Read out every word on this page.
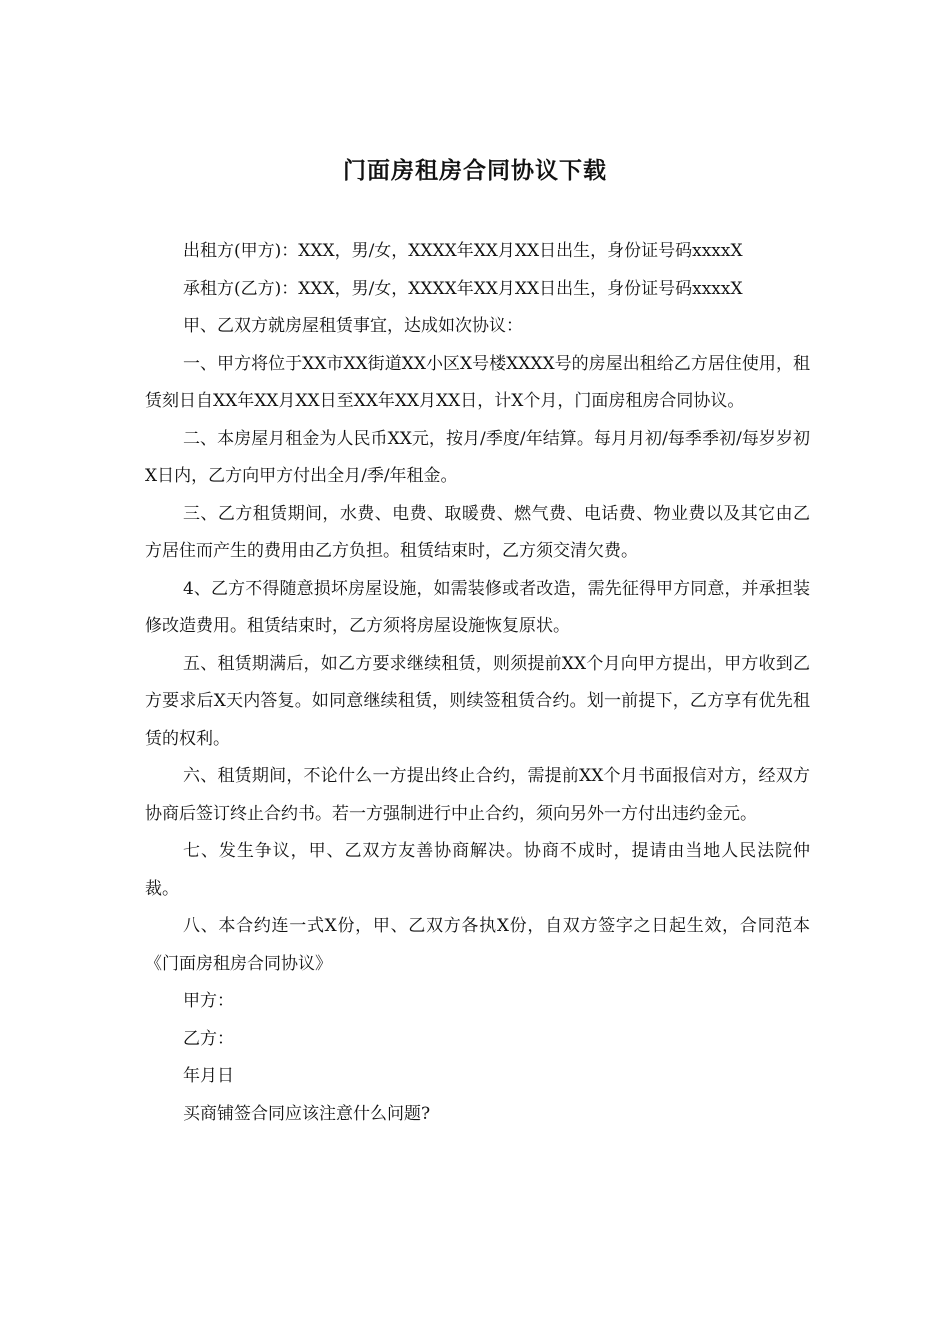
门面房租房合同协议下载

出租方(甲方)：XXX，男/女，XXXX年XX月XX日出生，身份证号码xxxxX

承租方(乙方)：XXX，男/女，XXXX年XX月XX日出生，身份证号码xxxxX

甲、乙双方就房屋租赁事宜，达成如次协议：

一、甲方将位于XX市XX街道XX小区X号楼XXXX号的房屋出租给乙方居住使用，租赁刻日自XX年XX月XX日至XX年XX月XX日，计X个月，门面房租房合同协议。

二、本房屋月租金为人民币XX元，按月/季度/年结算。每月月初/每季季初/每岁岁初X日内，乙方向甲方付出全月/季/年租金。

三、乙方租赁期间，水费、电费、取暖费、燃气费、电话费、物业费以及其它由乙方居住而产生的费用由乙方负担。租赁结束时，乙方须交清欠费。

4、乙方不得随意损坏房屋设施，如需装修或者改造，需先征得甲方同意，并承担装修改造费用。租赁结束时，乙方须将房屋设施恢复原状。

五、租赁期满后，如乙方要求继续租赁，则须提前XX个月向甲方提出，甲方收到乙方要求后X天内答复。如同意继续租赁，则续签租赁合约。划一前提下，乙方享有优先租赁的权利。

六、租赁期间，不论什么一方提出终止合约，需提前XX个月书面报信对方，经双方协商后签订终止合约书。若一方强制进行中止合约，须向另外一方付出违约金元。

七、发生争议，甲、乙双方友善协商解决。协商不成时，提请由当地人民法院仲裁。

八、本合约连一式X份，甲、乙双方各执X份，自双方签字之日起生效，合同范本《门面房租房合同协议》

甲方：

乙方：

年月日

买商铺签合同应该注意什么问题?
